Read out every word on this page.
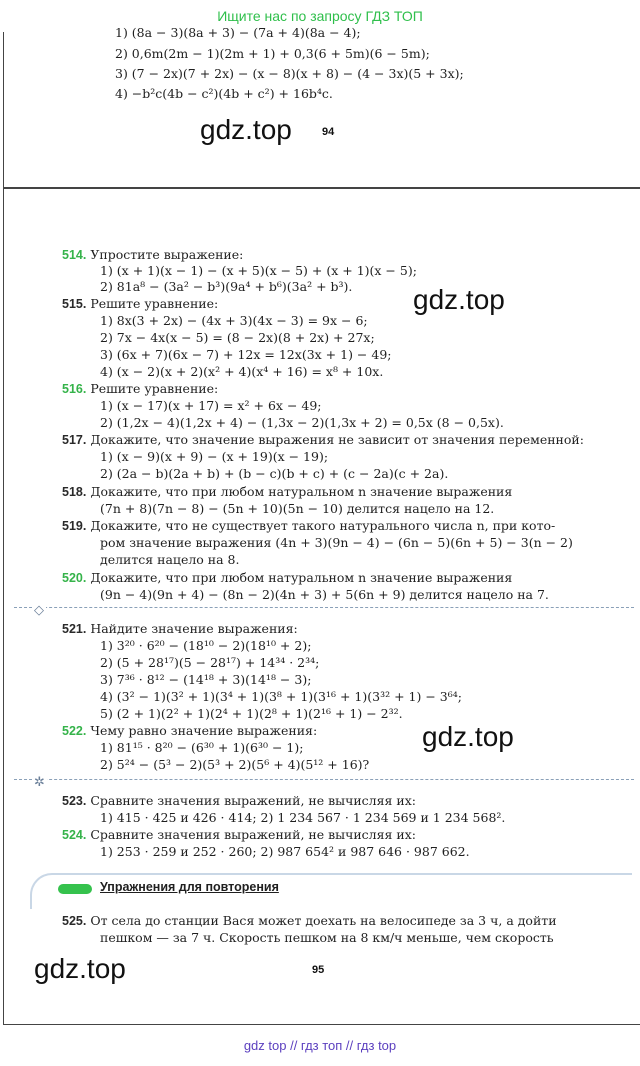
Ищите нас по запросу ГДЗ ТОП
1) (8a − 3)(8a + 3) − (7a + 4)(8a − 4);
2) 0,6m(2m − 1)(2m + 1) + 0,3(6 + 5m)(6 − 5m);
3) (7 − 2x)(7 + 2x) − (x − 8)(x + 8) − (4 − 3x)(5 + 3x);
4) −b²c(4b − c²)(4b + c²) + 16b⁴c.
gdz.top	94
514. Упростите выражение:
1) (x + 1)(x − 1) − (x + 5)(x − 5) + (x + 1)(x − 5);
2) 81a⁸ − (3a² − b³)(9a⁴ + b⁶)(3a² + b³).
515. Решите уравнение:
1) 8x(3 + 2x) − (4x + 3)(4x − 3) = 9x − 6;
2) 7x − 4x(x − 5) = (8 − 2x)(8 + 2x) + 27x;
3) (6x + 7)(6x − 7) + 12x = 12x(3x + 1) − 49;
4) (x − 2)(x + 2)(x² + 4)(x⁴ + 16) = x⁸ + 10x.
516. Решите уравнение:
1) (x − 17)(x + 17) = x² + 6x − 49;
2) (1,2x − 4)(1,2x + 4) − (1,3x − 2)(1,3x + 2) = 0,5x (8 − 0,5x).
517. Докажите, что значение выражения не зависит от значения переменной:
1) (x − 9)(x + 9) − (x + 19)(x − 19);
2) (2a − b)(2a + b) + (b − c)(b + c) + (c − 2a)(c + 2a).
518. Докажите, что при любом натуральном n значение выражения
(7n + 8)(7n − 8) − (5n + 10)(5n − 10) делится нацело на 12.
519. Докажите, что не существует такого натурального числа n, при кото-
ром значение выражения (4n + 3)(9n − 4) − (6n − 5)(6n + 5) − 3(n − 2)
делится нацело на 8.
520. Докажите, что при любом натуральном n значение выражения
(9n − 4)(9n + 4) − (8n − 2)(4n + 3) + 5(6n + 9) делится нацело на 7.
◇
521. Найдите значение выражения:
1) 3²⁰ · 6²⁰ − (18¹⁰ − 2)(18¹⁰ + 2);
2) (5 + 28¹⁷)(5 − 28¹⁷) + 14³⁴ · 2³⁴;
3) 7³⁶ · 8¹² − (14¹⁸ + 3)(14¹⁸ − 3);
4) (3² − 1)(3² + 1)(3⁴ + 1)(3⁸ + 1)(3¹⁶ + 1)(3³² + 1) − 3⁶⁴;
5) (2 + 1)(2² + 1)(2⁴ + 1)(2⁸ + 1)(2¹⁶ + 1) − 2³².
522. Чему равно значение выражения:
1) 81¹⁵ · 8²⁰ − (6³⁰ + 1)(6³⁰ − 1);
2) 5²⁴ − (5³ − 2)(5³ + 2)(5⁶ + 4)(5¹² + 16)?
✲
523. Сравните значения выражений, не вычисляя их:
1) 415 · 425 и 426 · 414; 2) 1 234 567 · 1 234 569 и 1 234 568².
524. Сравните значения выражений, не вычисляя их:
1) 253 · 259 и 252 · 260; 2) 987 654² и 987 646 · 987 662.
Упражнения для повторения
525. От села до станции Вася может доехать на велосипеде за 3 ч, а дойти
пешком — за 7 ч. Скорость пешком на 8 км/ч меньше, чем скорость
gdz.top
gdz.top
gdz.top	95
gdz top // гдз топ // гдз top
